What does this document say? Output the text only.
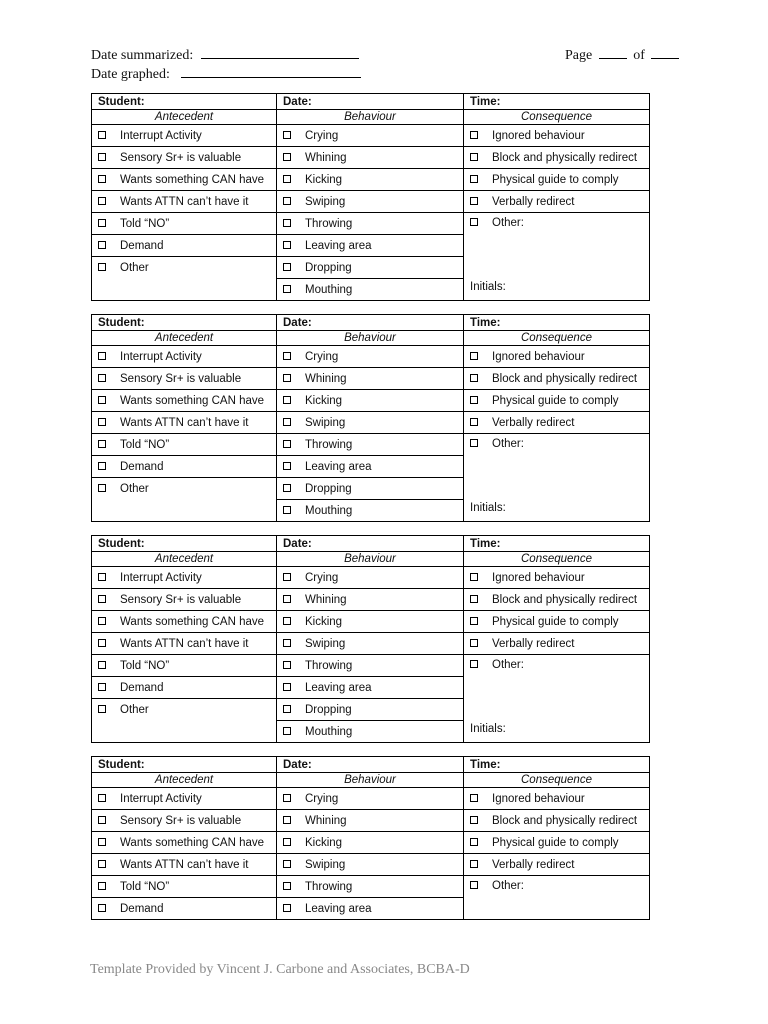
Date summarized:
Date graphed:
Page	of
Student:	Date:	Time:
Antecedent	Behaviour	Consequence
Interrupt Activity	Crying	Ignored behaviour
Sensory Sr+ is valuable	Whining	Block and physically redirect
Wants something CAN have	Kicking	Physical guide to comply
Wants ATTN can’t have it	Swiping	Verbally redirect
Told “NO”	Throwing	Other:
Initials:

Demand	Leaving area	
Other	Dropping	
	Mouthing	
Student:	Date:	Time:
Antecedent	Behaviour	Consequence
Interrupt Activity	Crying	Ignored behaviour
Sensory Sr+ is valuable	Whining	Block and physically redirect
Wants something CAN have	Kicking	Physical guide to comply
Wants ATTN can’t have it	Swiping	Verbally redirect
Told “NO”	Throwing	Other:
Initials:

Demand	Leaving area	
Other	Dropping	
	Mouthing	
Student:	Date:	Time:
Antecedent	Behaviour	Consequence
Interrupt Activity	Crying	Ignored behaviour
Sensory Sr+ is valuable	Whining	Block and physically redirect
Wants something CAN have	Kicking	Physical guide to comply
Wants ATTN can’t have it	Swiping	Verbally redirect
Told “NO”	Throwing	Other:
Initials:

Demand	Leaving area	
Other	Dropping	
	Mouthing	
Student:	Date:	Time:
Antecedent	Behaviour	Consequence
Interrupt Activity	Crying	Ignored behaviour
Sensory Sr+ is valuable	Whining	Block and physically redirect
Wants something CAN have	Kicking	Physical guide to comply
Wants ATTN can’t have it	Swiping	Verbally redirect
Told “NO”	Throwing	Other:
Demand	Leaving area	
Template Provided by Vincent J. Carbone and Associates, BCBA-D
